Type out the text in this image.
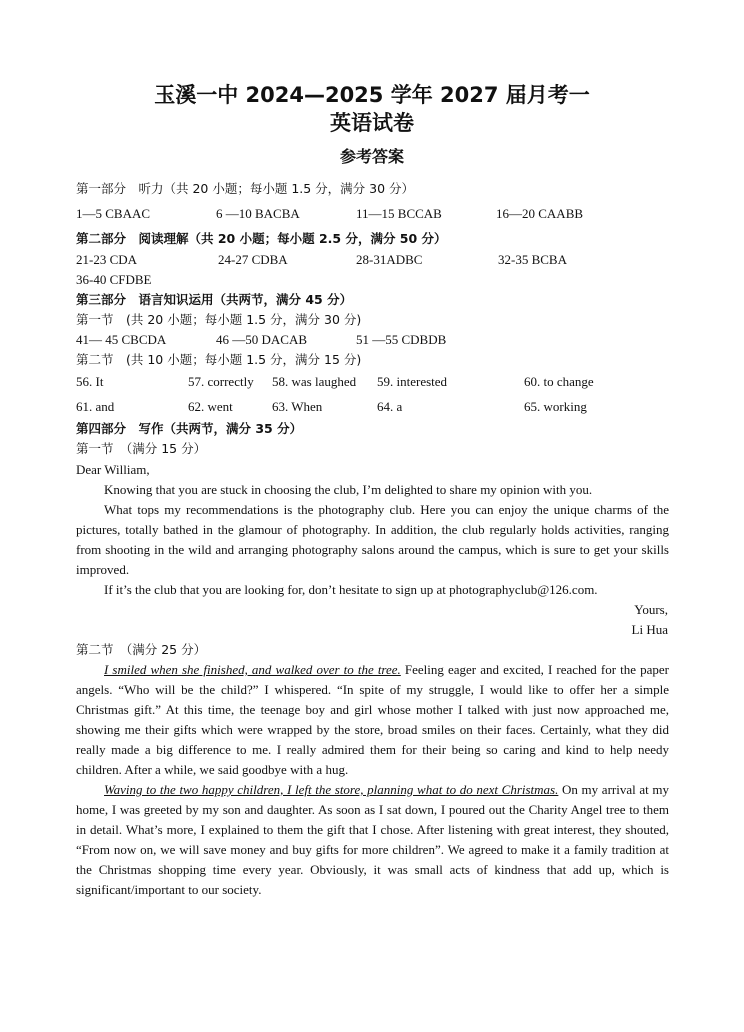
玉溪一中 2024—2025 学年 2027 届月考一
英语试卷
参考答案
第一部分　听力（共 20 小题；每小题 1.5 分，满分 30 分）
1—5 CBAAC	6 —10 BACBA	11—15 BCCAB	16—20 CAABB
第二部分　阅读理解（共 20 小题；每小题 2.5 分，满分 50 分）
21-23 CDA	24-27 CDBA	28-31ADBC	32-35 BCBA
36-40 CFDBE
第三部分　语言知识运用（共两节，满分 45 分）
第一节　(共 20 小题；每小题 1.5 分，满分 30 分)
41— 45 CBCDA	46 —50 DACAB	51 —55 CDBDB
第二节　(共 10 小题；每小题 1.5 分，满分 15 分)
56. It	57. correctly 58. was laughed 59. interested	60. to change
61. and	62. went	63. When	64. a	65. working
第四部分　写作（共两节，满分 35 分）
第一节　（满分 15 分）
Dear William,
Knowing that you are stuck in choosing the club, I’m delighted to share my opinion with you.
What tops my recommendations is the photography club. Here you can enjoy the unique charms of the pictures, totally bathed in the glamour of photography. In addition, the club regularly holds activities, ranging from shooting in the wild and arranging photography salons around the campus, which is sure to get your skills improved.
If it’s the club that you are looking for, don’t hesitate to sign up at photographyclub@126.com.
Yours,
Li Hua
第二节　（满分 25 分）
I smiled when she finished, and walked over to the tree. Feeling eager and excited, I reached for the paper angels. “Who will be the child?” I whispered. “In spite of my struggle, I would like to offer her a simple Christmas gift.” At this time, the teenage boy and girl whose mother I talked with just now approached me, showing me their gifts which were wrapped by the store, broad smiles on their faces. Certainly, what they did really made a big difference to me. I really admired them for their being so caring and kind to help needy children. After a while, we said goodbye with a hug.
Waving to the two happy children, I left the store, planning what to do next Christmas. On my arrival at my home, I was greeted by my son and daughter. As soon as I sat down, I poured out the Charity Angel tree to them in detail. What’s more, I explained to them the gift that I chose. After listening with great interest, they shouted, “From now on, we will save money and buy gifts for more children”. We agreed to make it a family tradition at the Christmas shopping time every year. Obviously, it was small acts of kindness that add up, which is significant/important to our society.
